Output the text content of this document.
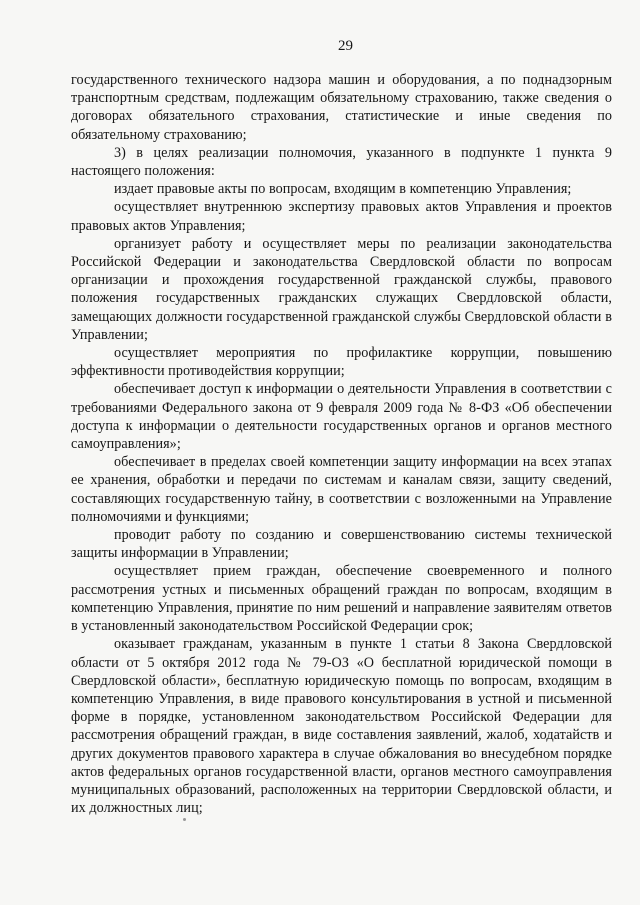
29

государственного технического надзора машин и оборудования, а по поднадзорным транспортным средствам, подлежащим обязательному страхованию, также сведения о договорах обязательного страхования, статистические и иные сведения по обязательному страхованию;

3) в целях реализации полномочия, указанного в подпункте 1 пункта 9 настоящего положения:

издает правовые акты по вопросам, входящим в компетенцию Управления;

осуществляет внутреннюю экспертизу правовых актов Управления и проектов правовых актов Управления;

организует работу и осуществляет меры по реализации законодательства Российской Федерации и законодательства Свердловской области по вопросам организации и прохождения государственной гражданской службы, правового положения государственных гражданских служащих Свердловской области, замещающих должности государственной гражданской службы Свердловской области в Управлении;

осуществляет мероприятия по профилактике коррупции, повышению эффективности противодействия коррупции;

обеспечивает доступ к информации о деятельности Управления в соответствии с требованиями Федерального закона от 9 февраля 2009 года № 8-ФЗ «Об обеспечении доступа к информации о деятельности государственных органов и органов местного самоуправления»;

обеспечивает в пределах своей компетенции защиту информации на всех этапах ее хранения, обработки и передачи по системам и каналам связи, защиту сведений, составляющих государственную тайну, в соответствии с возложенными на Управление полномочиями и функциями;

проводит работу по созданию и совершенствованию системы технической защиты информации в Управлении;

осуществляет прием граждан, обеспечение своевременного и полного рассмотрения устных и письменных обращений граждан по вопросам, входящим в компетенцию Управления, принятие по ним решений и направление заявителям ответов в установленный законодательством Российской Федерации срок;

оказывает гражданам, указанным в пункте 1 статьи 8 Закона Свердловской области от 5 октября 2012 года № 79-ОЗ «О бесплатной юридической помощи в Свердловской области», бесплатную юридическую помощь по вопросам, входящим в компетенцию Управления, в виде правового консультирования в устной и письменной форме в порядке, установленном законодательством Российской Федерации для рассмотрения обращений граждан, в виде составления заявлений, жалоб, ходатайств и других документов правового характера в случае обжалования во внесудебном порядке актов федеральных органов государственной власти, органов местного самоуправления муниципальных образований, расположенных на территории Свердловской области, и их должностных лиц;
